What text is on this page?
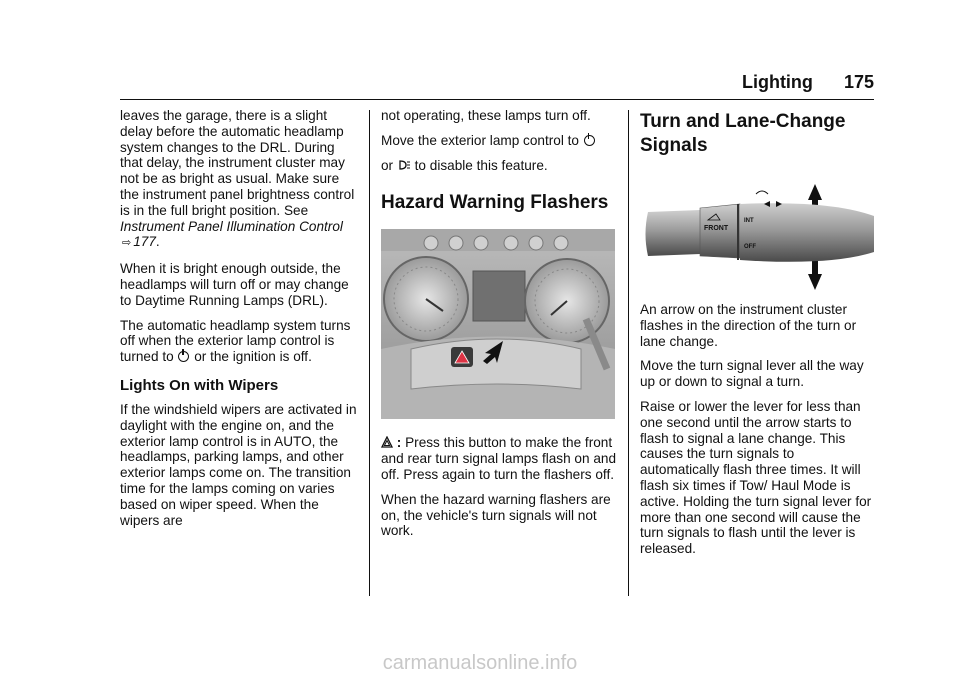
Lighting 175

leaves the garage, there is a slight delay before the automatic headlamp system changes to the DRL. During that delay, the instrument cluster may not be as bright as usual. Make sure the instrument panel brightness control is in the full bright position. See Instrument Panel Illumination Control ⇨ 177.

When it is bright enough outside, the headlamps will turn off or may change to Daytime Running Lamps (DRL).

The automatic headlamp system turns off when the exterior lamp control is turned to  or the ignition is off.

Lights On with Wipers

If the windshield wipers are activated in daylight with the engine on, and the exterior lamp control is in AUTO, the headlamps, parking lamps, and other exterior lamps come on. The transition time for the lamps coming on varies based on wiper speed. When the wipers are

not operating, these lamps turn off.

Move the exterior lamp control to

or to disable this feature.

Hazard Warning Flashers

: Press this button to make the front and rear turn signal lamps flash on and off. Press again to turn the flashers off.

When the hazard warning flashers are on, the vehicle's turn signals will not work.

Turn and Lane-Change Signals
FRONT
INT
OFF

An arrow on the instrument cluster flashes in the direction of the turn or lane change.

Move the turn signal lever all the way up or down to signal a turn.

Raise or lower the lever for less than one second until the arrow starts to flash to signal a lane change. This causes the turn signals to automatically flash three times. It will flash six times if Tow/ Haul Mode is active. Holding the turn signal lever for more than one second will cause the turn signals to flash until the lever is released.

carmanualsonline.info
